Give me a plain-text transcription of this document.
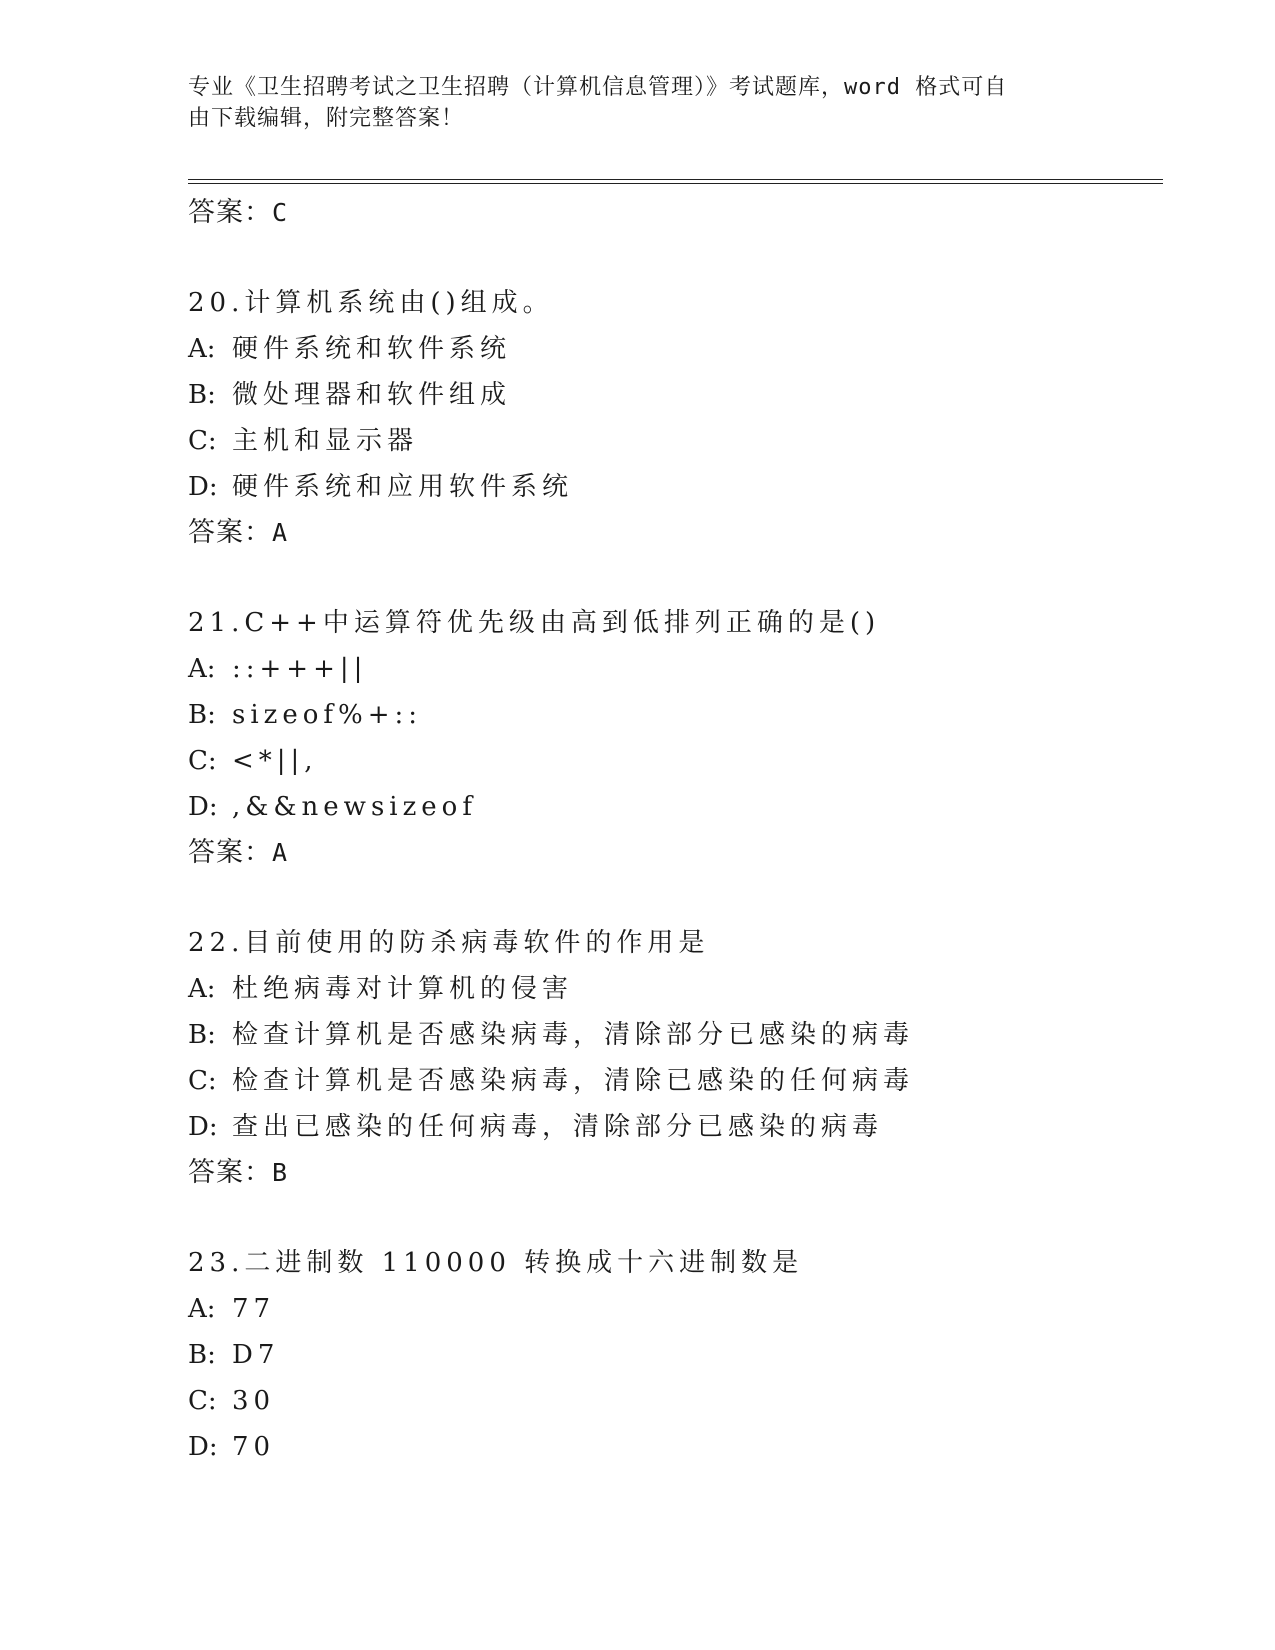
专业《卫生招聘考试之卫生招聘（计算机信息管理）》考试题库，word 格式可自
由下载编辑，附完整答案！
答案：C
20.计算机系统由()组成。
A: 硬件系统和软件系统
B: 微处理器和软件组成
C: 主机和显示器
D: 硬件系统和应用软件系统
答案：A
21.C++中运算符优先级由高到低排列正确的是()
A: ::+++||
B: sizeof%+::
C: <*||,
D: ,&&newsizeof
答案：A
22.目前使用的防杀病毒软件的作用是
A: 杜绝病毒对计算机的侵害
B: 检查计算机是否感染病毒，清除部分已感染的病毒
C: 检查计算机是否感染病毒，清除已感染的任何病毒
D: 查出已感染的任何病毒，清除部分已感染的病毒
答案：B
23.二进制数 110000 转换成十六进制数是
A: 77
B: D7
C: 30
D: 70
